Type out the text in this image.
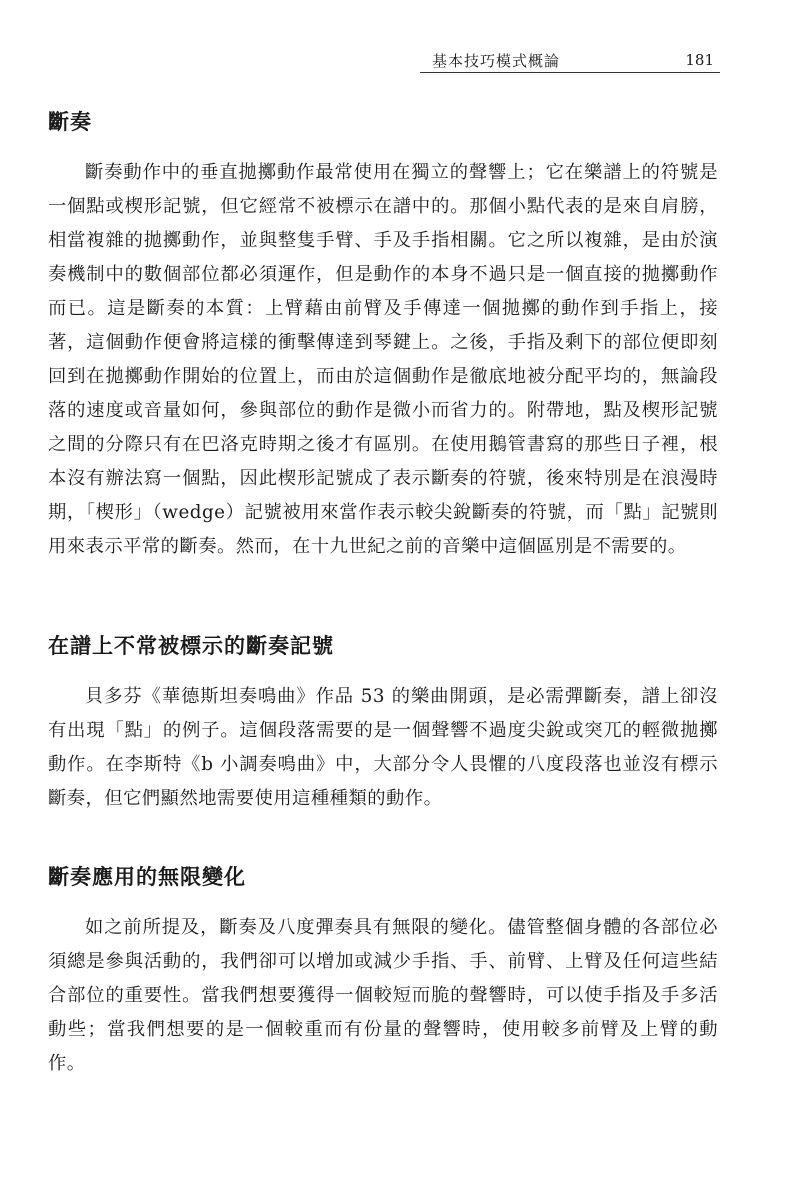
基本技巧模式概論	181
斷奏

斷奏動作中的垂直拋擲動作最常使用在獨立的聲響上；它在樂譜上的符號是一個點或楔形記號，但它經常不被標示在譜中的。那個小點代表的是來自肩膀，相當複雜的拋擲動作，並與整隻手臂、手及手指相關。它之所以複雜，是由於演奏機制中的數個部位都必須運作，但是動作的本身不過只是一個直接的拋擲動作而已。這是斷奏的本質：上臂藉由前臂及手傳達一個拋擲的動作到手指上，接著，這個動作便會將這樣的衝擊傳達到琴鍵上。之後，手指及剩下的部位便即刻回到在拋擲動作開始的位置上，而由於這個動作是徹底地被分配平均的，無論段落的速度或音量如何，參與部位的動作是微小而省力的。附帶地，點及楔形記號之間的分際只有在巴洛克時期之後才有區別。在使用鵝管書寫的那些日子裡，根本沒有辦法寫一個點，因此楔形記號成了表示斷奏的符號，後來特別是在浪漫時期，「楔形」（wedge）記號被用來當作表示較尖銳斷奏的符號，而「點」記號則用來表示平常的斷奏。然而，在十九世紀之前的音樂中這個區別是不需要的。

在譜上不常被標示的斷奏記號

貝多芬《華德斯坦奏鳴曲》作品 53 的樂曲開頭，是必需彈斷奏，譜上卻沒有出現「點」的例子。這個段落需要的是一個聲響不過度尖銳或突兀的輕微拋擲動作。在李斯特《b 小調奏鳴曲》中，大部分令人畏懼的八度段落也並沒有標示斷奏，但它們顯然地需要使用這種種類的動作。

斷奏應用的無限變化

如之前所提及，斷奏及八度彈奏具有無限的變化。儘管整個身體的各部位必須總是參與活動的，我們卻可以增加或減少手指、手、前臂、上臂及任何這些結合部位的重要性。當我們想要獲得一個較短而脆的聲響時，可以使手指及手多活動些；當我們想要的是一個較重而有份量的聲響時，使用較多前臂及上臂的動作。
